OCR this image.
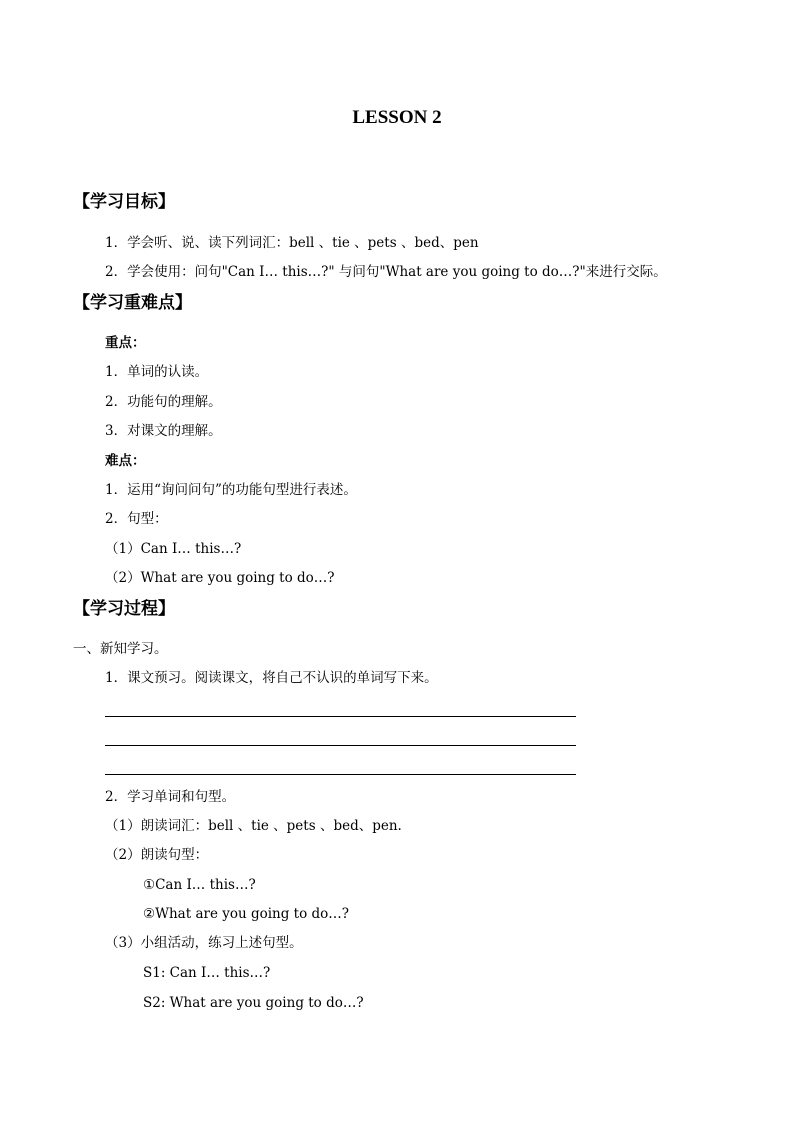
LESSON 2
【学习目标】
1．学会听、说、读下列词汇：bell 、tie 、pets 、bed、pen
2．学会使用：问句"Can I… this…?" 与问句"What are you going to do…?"来进行交际。
【学习重难点】
重点：
1．单词的认读。
2．功能句的理解。
3．对课文的理解。
难点：
1．运用“询问问句”的功能句型进行表述。
2．句型：
（1）Can I… this…?
（2）What are you going to do…?
【学习过程】
一、新知学习。
1．课文预习。阅读课文，将自己不认识的单词写下来。
2．学习单词和句型。
（1）朗读词汇：bell 、tie 、pets 、bed、pen.
（2）朗读句型：
①Can I… this…?
②What are you going to do…?
（3）小组活动，练习上述句型。
S1: Can I… this…?
S2: What are you going to do…?
